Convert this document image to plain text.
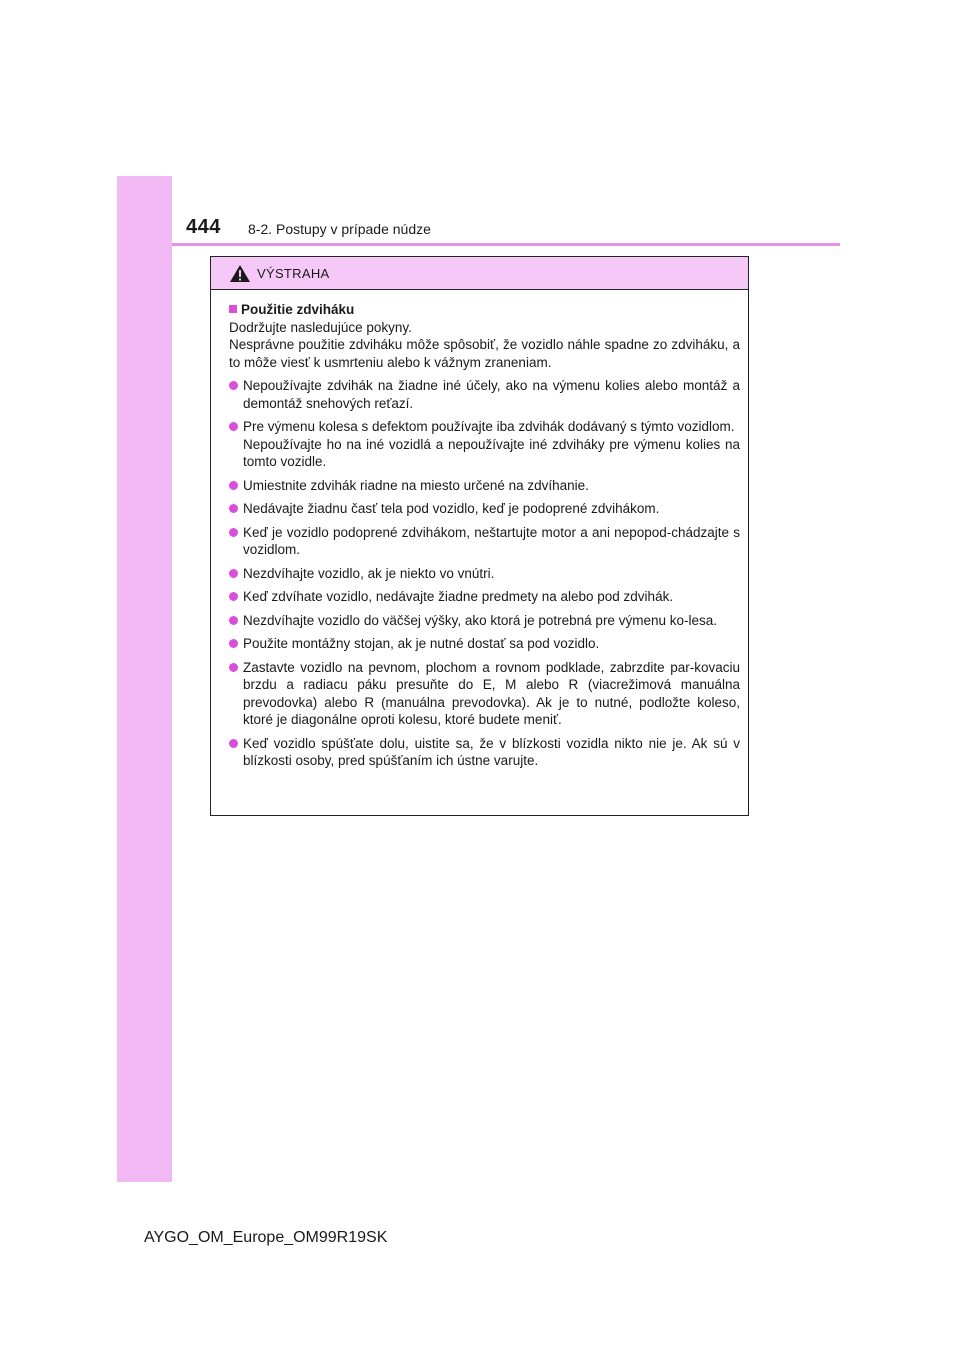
444 8-2. Postupy v prípade núdze
VÝSTRAHA
Použitie zdviháku

Dodržujte nasledujúce pokyny.

Nesprávne použitie zdviháku môže spôsobiť, že vozidlo náhle spadne zo zdviháku, a to môže viesť k usmrteniu alebo k vážnym zraneniam.

Nepoužívajte zdvihák na žiadne iné účely, ako na výmenu kolies alebo montáž a demontáž snehových reťazí.

Pre výmenu kolesa s defektom používajte iba zdvihák dodávaný s týmto vozidlom.

Nepoužívajte ho na iné vozidlá a nepoužívajte iné zdviháky pre výmenu kolies na tomto vozidle.

Umiestnite zdvihák riadne na miesto určené na zdvíhanie.

Nedávajte žiadnu časť tela pod vozidlo, keď je podoprené zdvihákom.

Keď je vozidlo podoprené zdvihákom, neštartujte motor a ani nepopod-chádzajte s vozidlom.

Nezdvíhajte vozidlo, ak je niekto vo vnútri.

Keď zdvíhate vozidlo, nedávajte žiadne predmety na alebo pod zdvihák.

Nezdvíhajte vozidlo do väčšej výšky, ako ktorá je potrebná pre výmenu ko-lesa.

Použite montážny stojan, ak je nutné dostať sa pod vozidlo.

Zastavte vozidlo na pevnom, plochom a rovnom podklade, zabrzdite par-kovaciu brzdu a radiacu páku presuňte do E, M alebo R (viacrežimová manuálna prevodovka) alebo R (manuálna prevodovka). Ak je to nutné, podložte koleso, ktoré je diagonálne oproti kolesu, ktoré budete meniť.

Keď vozidlo spúšťate dolu, uistite sa, že v blízkosti vozidla nikto nie je. Ak sú v blízkosti osoby, pred spúšťaním ich ústne varujte.

AYGO_OM_Europe_OM99R19SK
